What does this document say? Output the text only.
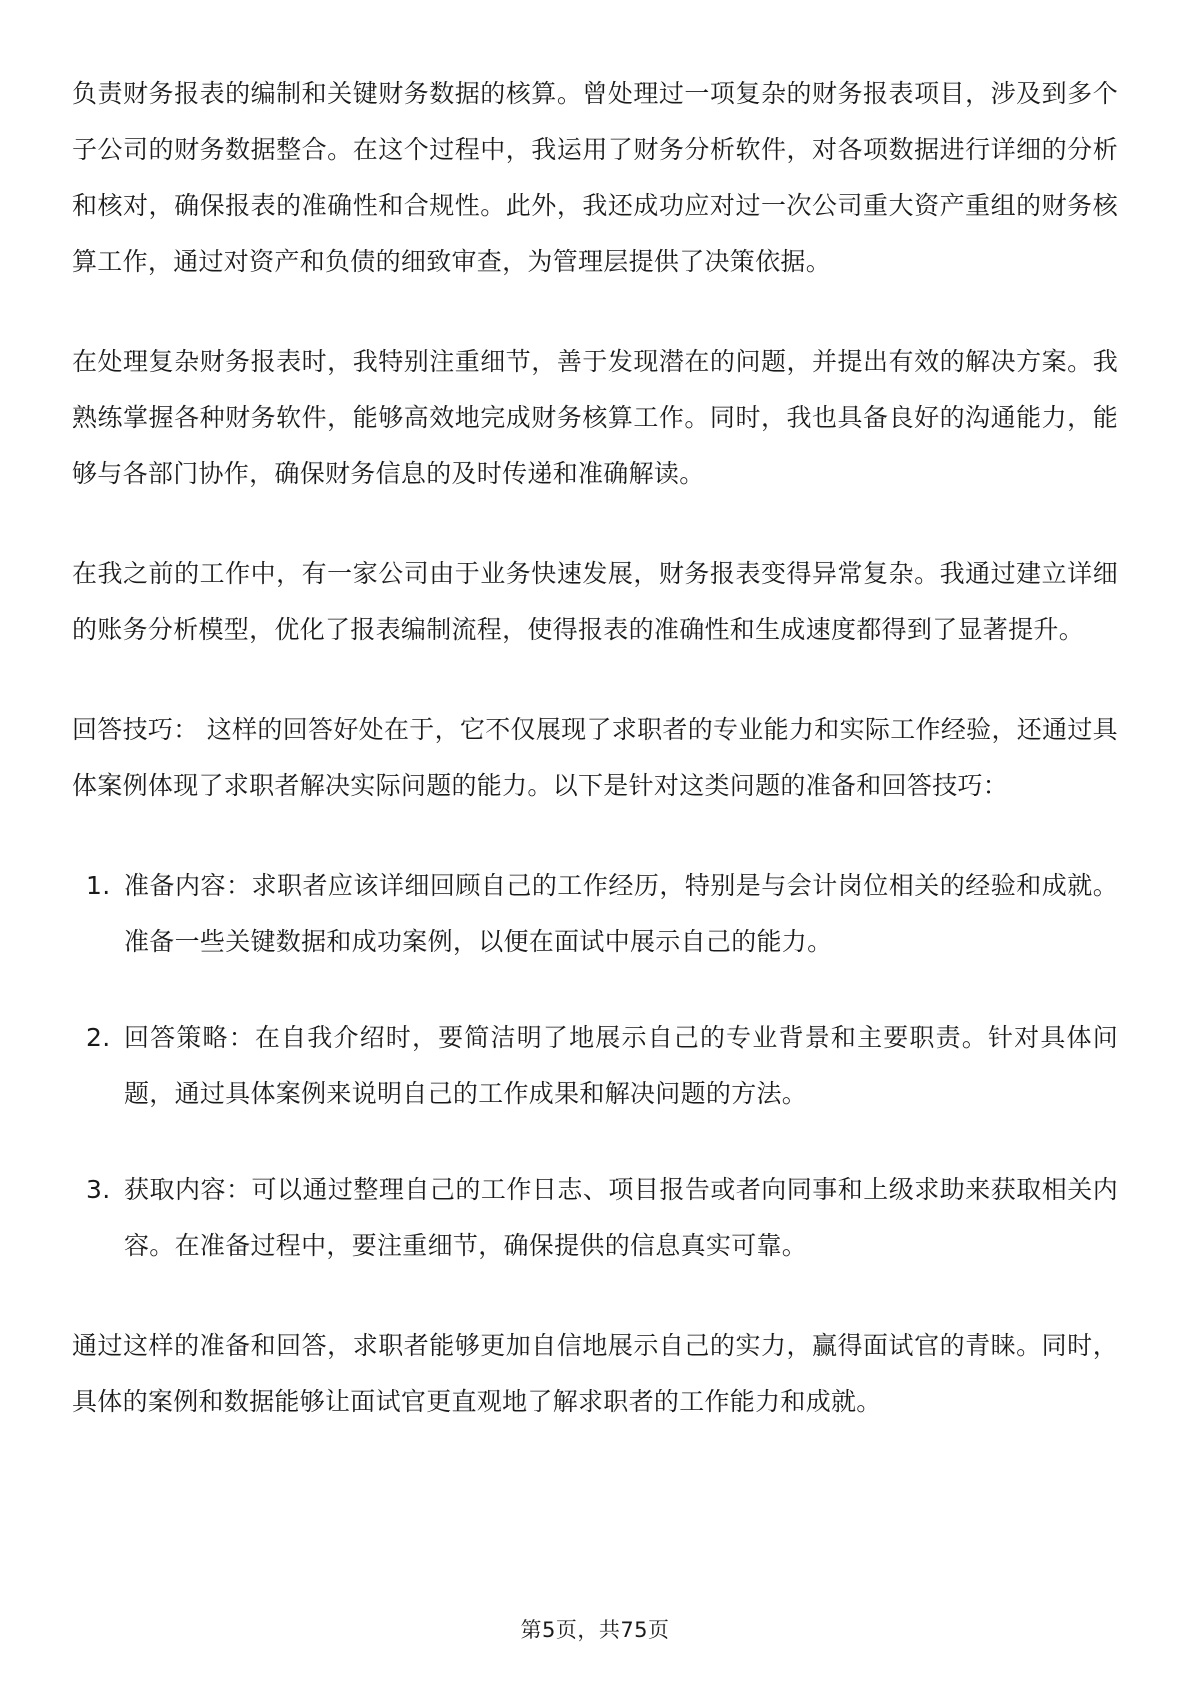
负责财务报表的编制和关键财务数据的核算。曾处理过一项复杂的财务报表项目，涉及到多个子公司的财务数据整合。在这个过程中，我运用了财务分析软件，对各项数据进行详细的分析和核对，确保报表的准确性和合规性。此外，我还成功应对过一次公司重大资产重组的财务核算工作，通过对资产和负债的细致审查，为管理层提供了决策依据。

在处理复杂财务报表时，我特别注重细节，善于发现潜在的问题，并提出有效的解决方案。我熟练掌握各种财务软件，能够高效地完成财务核算工作。同时，我也具备良好的沟通能力，能够与各部门协作，确保财务信息的及时传递和准确解读。

在我之前的工作中，有一家公司由于业务快速发展，财务报表变得异常复杂。我通过建立详细的账务分析模型，优化了报表编制流程，使得报表的准确性和生成速度都得到了显著提升。

回答技巧： 这样的回答好处在于，它不仅展现了求职者的专业能力和实际工作经验，还通过具体案例体现了求职者解决实际问题的能力。以下是针对这类问题的准备和回答技巧：

1. 准备内容：求职者应该详细回顾自己的工作经历，特别是与会计岗位相关的经验和成就。准备一些关键数据和成功案例，以便在面试中展示自己的能力。
2. 回答策略：在自我介绍时，要简洁明了地展示自己的专业背景和主要职责。针对具体问题，通过具体案例来说明自己的工作成果和解决问题的方法。
3. 获取内容：可以通过整理自己的工作日志、项目报告或者向同事和上级求助来获取相关内容。在准备过程中，要注重细节，确保提供的信息真实可靠。

通过这样的准备和回答，求职者能够更加自信地展示自己的实力，赢得面试官的青睐。同时，具体的案例和数据能够让面试官更直观地了解求职者的工作能力和成就。

第5页，共75页
